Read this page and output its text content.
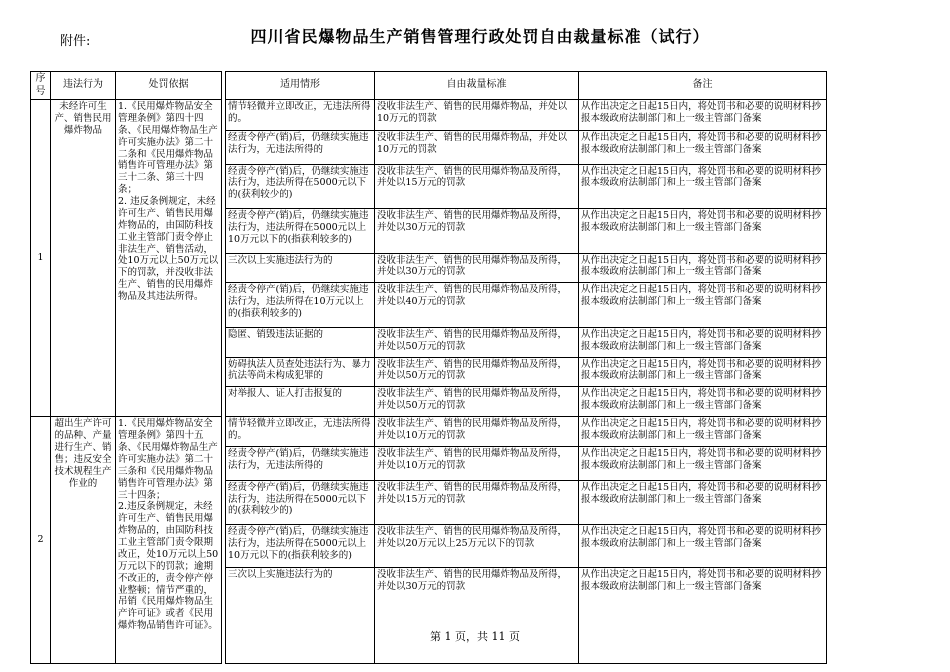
附件:	四川省民爆物品生产销售管理行政处罚自由裁量标准（试行）
序号	违法行为	处罚依据		适用情形	自由裁量标准	备注
1	未经许可生产、销售民用爆炸物品	1.《民用爆炸物品安全管理条例》第四十四条、《民用爆炸物品生产许可实施办法》第二十二条和《民用爆炸物品销售许可管理办法》第三十二条、第三十四条；
2. 违反条例规定，未经许可生产、销售民用爆炸物品的，由国防科技工业主管部门责令停止非法生产、销售活动，处10万元以上50万元以下的罚款，并没收非法生产、销售的民用爆炸物品及其违法所得。		情节轻微并立即改正，无违法所得的。	没收非法生产、销售的民用爆炸物品，并处以10万元的罚款	从作出决定之日起15日内，将处罚书和必要的说明材料抄报本级政府法制部门和上一级主管部门备案
				经责令停产(销)后，仍继续实施违法行为，无违法所得的	没收非法生产、销售的民用爆炸物品，并处以10万元的罚款	从作出决定之日起15日内，将处罚书和必要的说明材料抄报本级政府法制部门和上一级主管部门备案
				经责令停产(销)后，仍继续实施违法行为，违法所得在5000元以下的(获利较少的)	没收非法生产、销售的民用爆炸物品及所得，并处以15万元的罚款	从作出决定之日起15日内，将处罚书和必要的说明材料抄报本级政府法制部门和上一级主管部门备案
				经责令停产(销)后，仍继续实施违法行为，违法所得在5000元以上10万元以下的(指获利较多的)	没收非法生产、销售的民用爆炸物品及所得，并处以30万元的罚款	从作出决定之日起15日内，将处罚书和必要的说明材料抄报本级政府法制部门和上一级主管部门备案
				三次以上实施违法行为的	没收非法生产、销售的民用爆炸物品及所得，并处以30万元的罚款	从作出决定之日起15日内，将处罚书和必要的说明材料抄报本级政府法制部门和上一级主管部门备案
				经责令停产(销)后，仍继续实施违法行为，违法所得在10万元以上的(指获利较多的)	没收非法生产、销售的民用爆炸物品及所得，并处以40万元的罚款	从作出决定之日起15日内，将处罚书和必要的说明材料抄报本级政府法制部门和上一级主管部门备案
				隐匿、销毁违法证据的	没收非法生产、销售的民用爆炸物品及所得，并处以50万元的罚款	从作出决定之日起15日内，将处罚书和必要的说明材料抄报本级政府法制部门和上一级主管部门备案
				妨碍执法人员查处违法行为、暴力抗法等尚未构成犯罪的	没收非法生产、销售的民用爆炸物品及所得，并处以50万元的罚款	从作出决定之日起15日内，将处罚书和必要的说明材料抄报本级政府法制部门和上一级主管部门备案
				对举报人、证人打击报复的	没收非法生产、销售的民用爆炸物品及所得，并处以50万元的罚款	从作出决定之日起15日内，将处罚书和必要的说明材料抄报本级政府法制部门和上一级主管部门备案
2	超出生产许可的品种、产量进行生产、销售；违反安全技术规程生产作业的	1.《民用爆炸物品安全管理条例》第四十五条、《民用爆炸物品生产许可实施办法》第二十三条和《民用爆炸物品销售许可管理办法》第三十四条；
2.违反条例规定，未经许可生产、销售民用爆炸物品的，由国防科技工业主管部门责令限期改正，处10万元以上50万元以下的罚款；逾期不改正的，责令停产停业整顿；情节严重的，吊销《民用爆炸物品生产许可证》或者《民用爆炸物品销售许可证》。		情节轻微并立即改正，无违法所得的。	没收非法生产、销售的民用爆炸物品及所得，并处以10万元的罚款	从作出决定之日起15日内，将处罚书和必要的说明材料抄报本级政府法制部门和上一级主管部门备案
				经责令停产(销)后，仍继续实施违法行为，无违法所得的	没收非法生产、销售的民用爆炸物品及所得，并处以10万元的罚款	从作出决定之日起15日内，将处罚书和必要的说明材料抄报本级政府法制部门和上一级主管部门备案
				经责令停产(销)后，仍继续实施违法行为，违法所得在5000元以下的(获利较少的)	没收非法生产、销售的民用爆炸物品及所得，并处以15万元的罚款	从作出决定之日起15日内，将处罚书和必要的说明材料抄报本级政府法制部门和上一级主管部门备案
				经责令停产(销)后，仍继续实施违法行为，违法所得在5000元以上10万元以下的(指获利较多的)	没收非法生产、销售的民用爆炸物品及所得，并处以20万元以上25万元以下的罚款	从作出决定之日起15日内，将处罚书和必要的说明材料抄报本级政府法制部门和上一级主管部门备案
				三次以上实施违法行为的	没收非法生产、销售的民用爆炸物品及所得，并处以30万元的罚款	从作出决定之日起15日内，将处罚书和必要的说明材料抄报本级政府法制部门和上一级主管部门备案
第 1 页，共 11 页
